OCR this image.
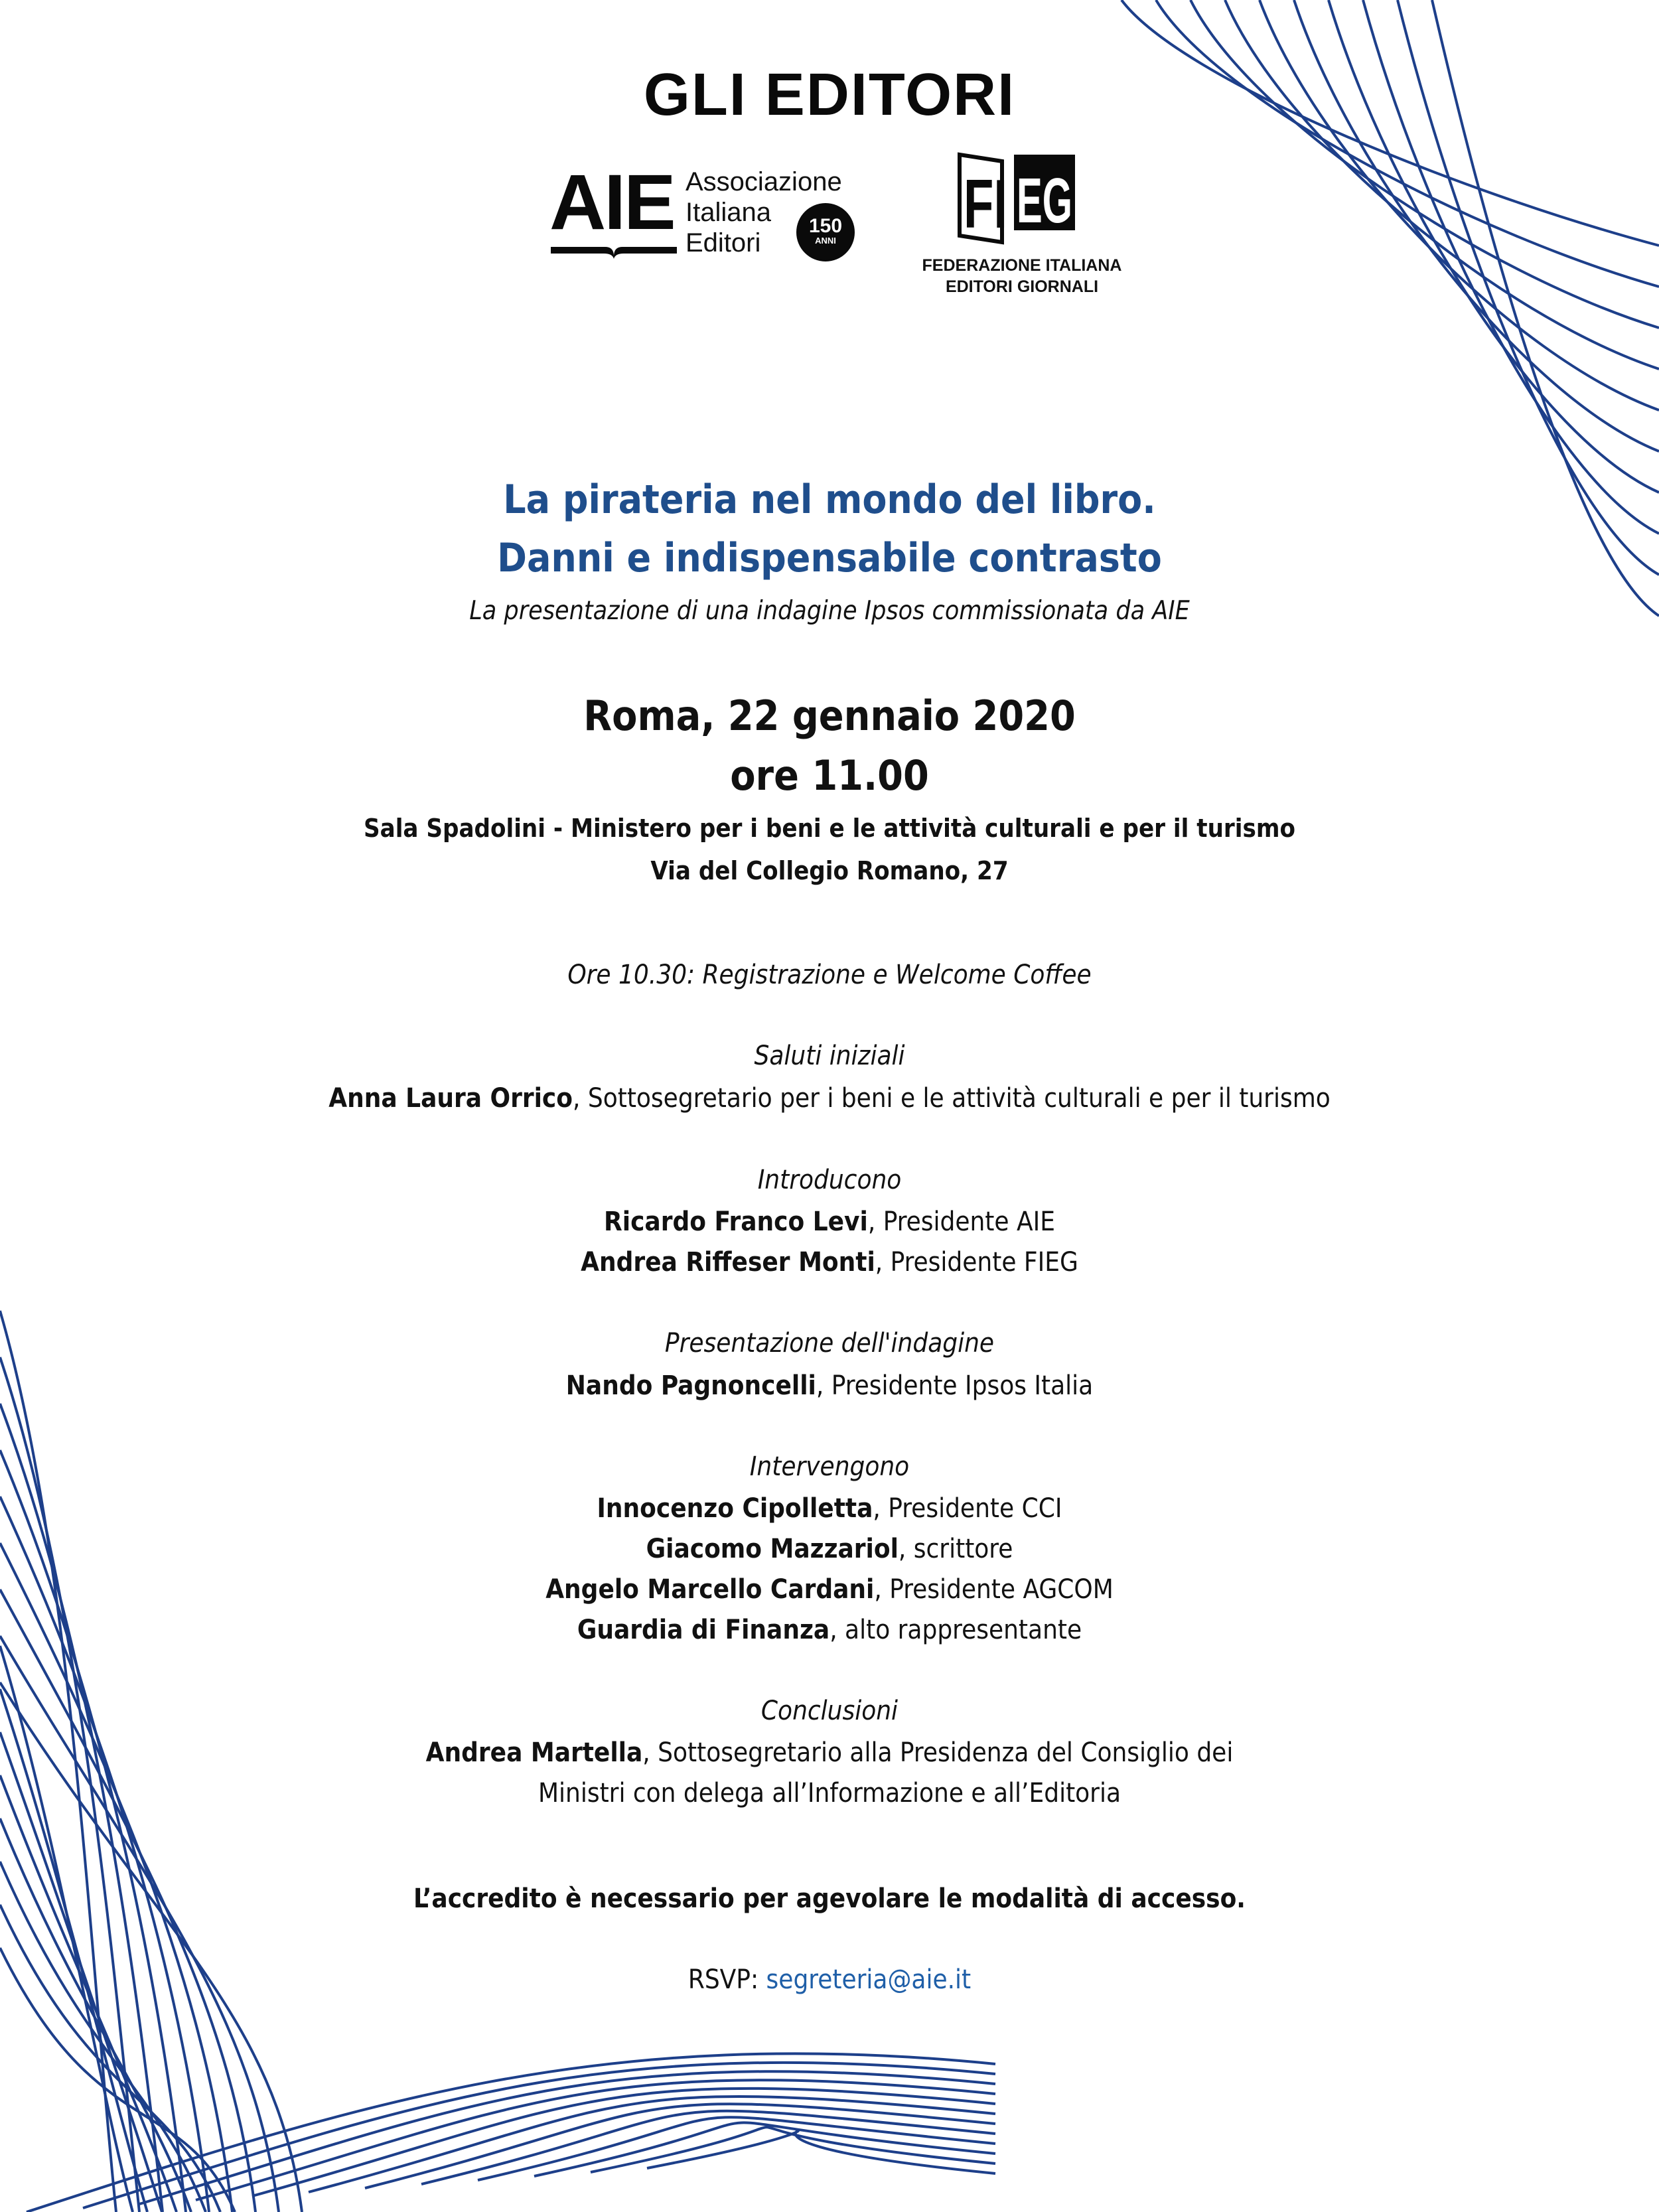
GLI EDITORI
AIE Associazione
Italiana
Editori
150
ANNI FI EG
FEDERAZIONE ITALIANA
EDITORI GIORNALI
La pirateria nel mondo del libro.
Danni e indispensabile contrasto
La presentazione di una indagine Ipsos commissionata da AIE
Roma, 22 gennaio 2020
ore 11.00
Sala Spadolini - Ministero per i beni e le attività culturali e per il turismo
Via del Collegio Romano, 27
Ore 10.30: Registrazione e Welcome Coffee
Saluti iniziali
Anna Laura Orrico, Sottosegretario per i beni e le attività culturali e per il turismo
Introducono
Ricardo Franco Levi, Presidente AIE
Andrea Riffeser Monti, Presidente FIEG
Presentazione dell'indagine
Nando Pagnoncelli, Presidente Ipsos Italia
Intervengono
Innocenzo Cipolletta, Presidente CCI
Giacomo Mazzariol, scrittore
Angelo Marcello Cardani, Presidente AGCOM
Guardia di Finanza, alto rappresentante
Conclusioni
Andrea Martella, Sottosegretario alla Presidenza del Consiglio dei
Ministri con delega all’Informazione e all’Editoria
L’accredito è necessario per agevolare le modalità di accesso.
RSVP: segreteria@aie.it
